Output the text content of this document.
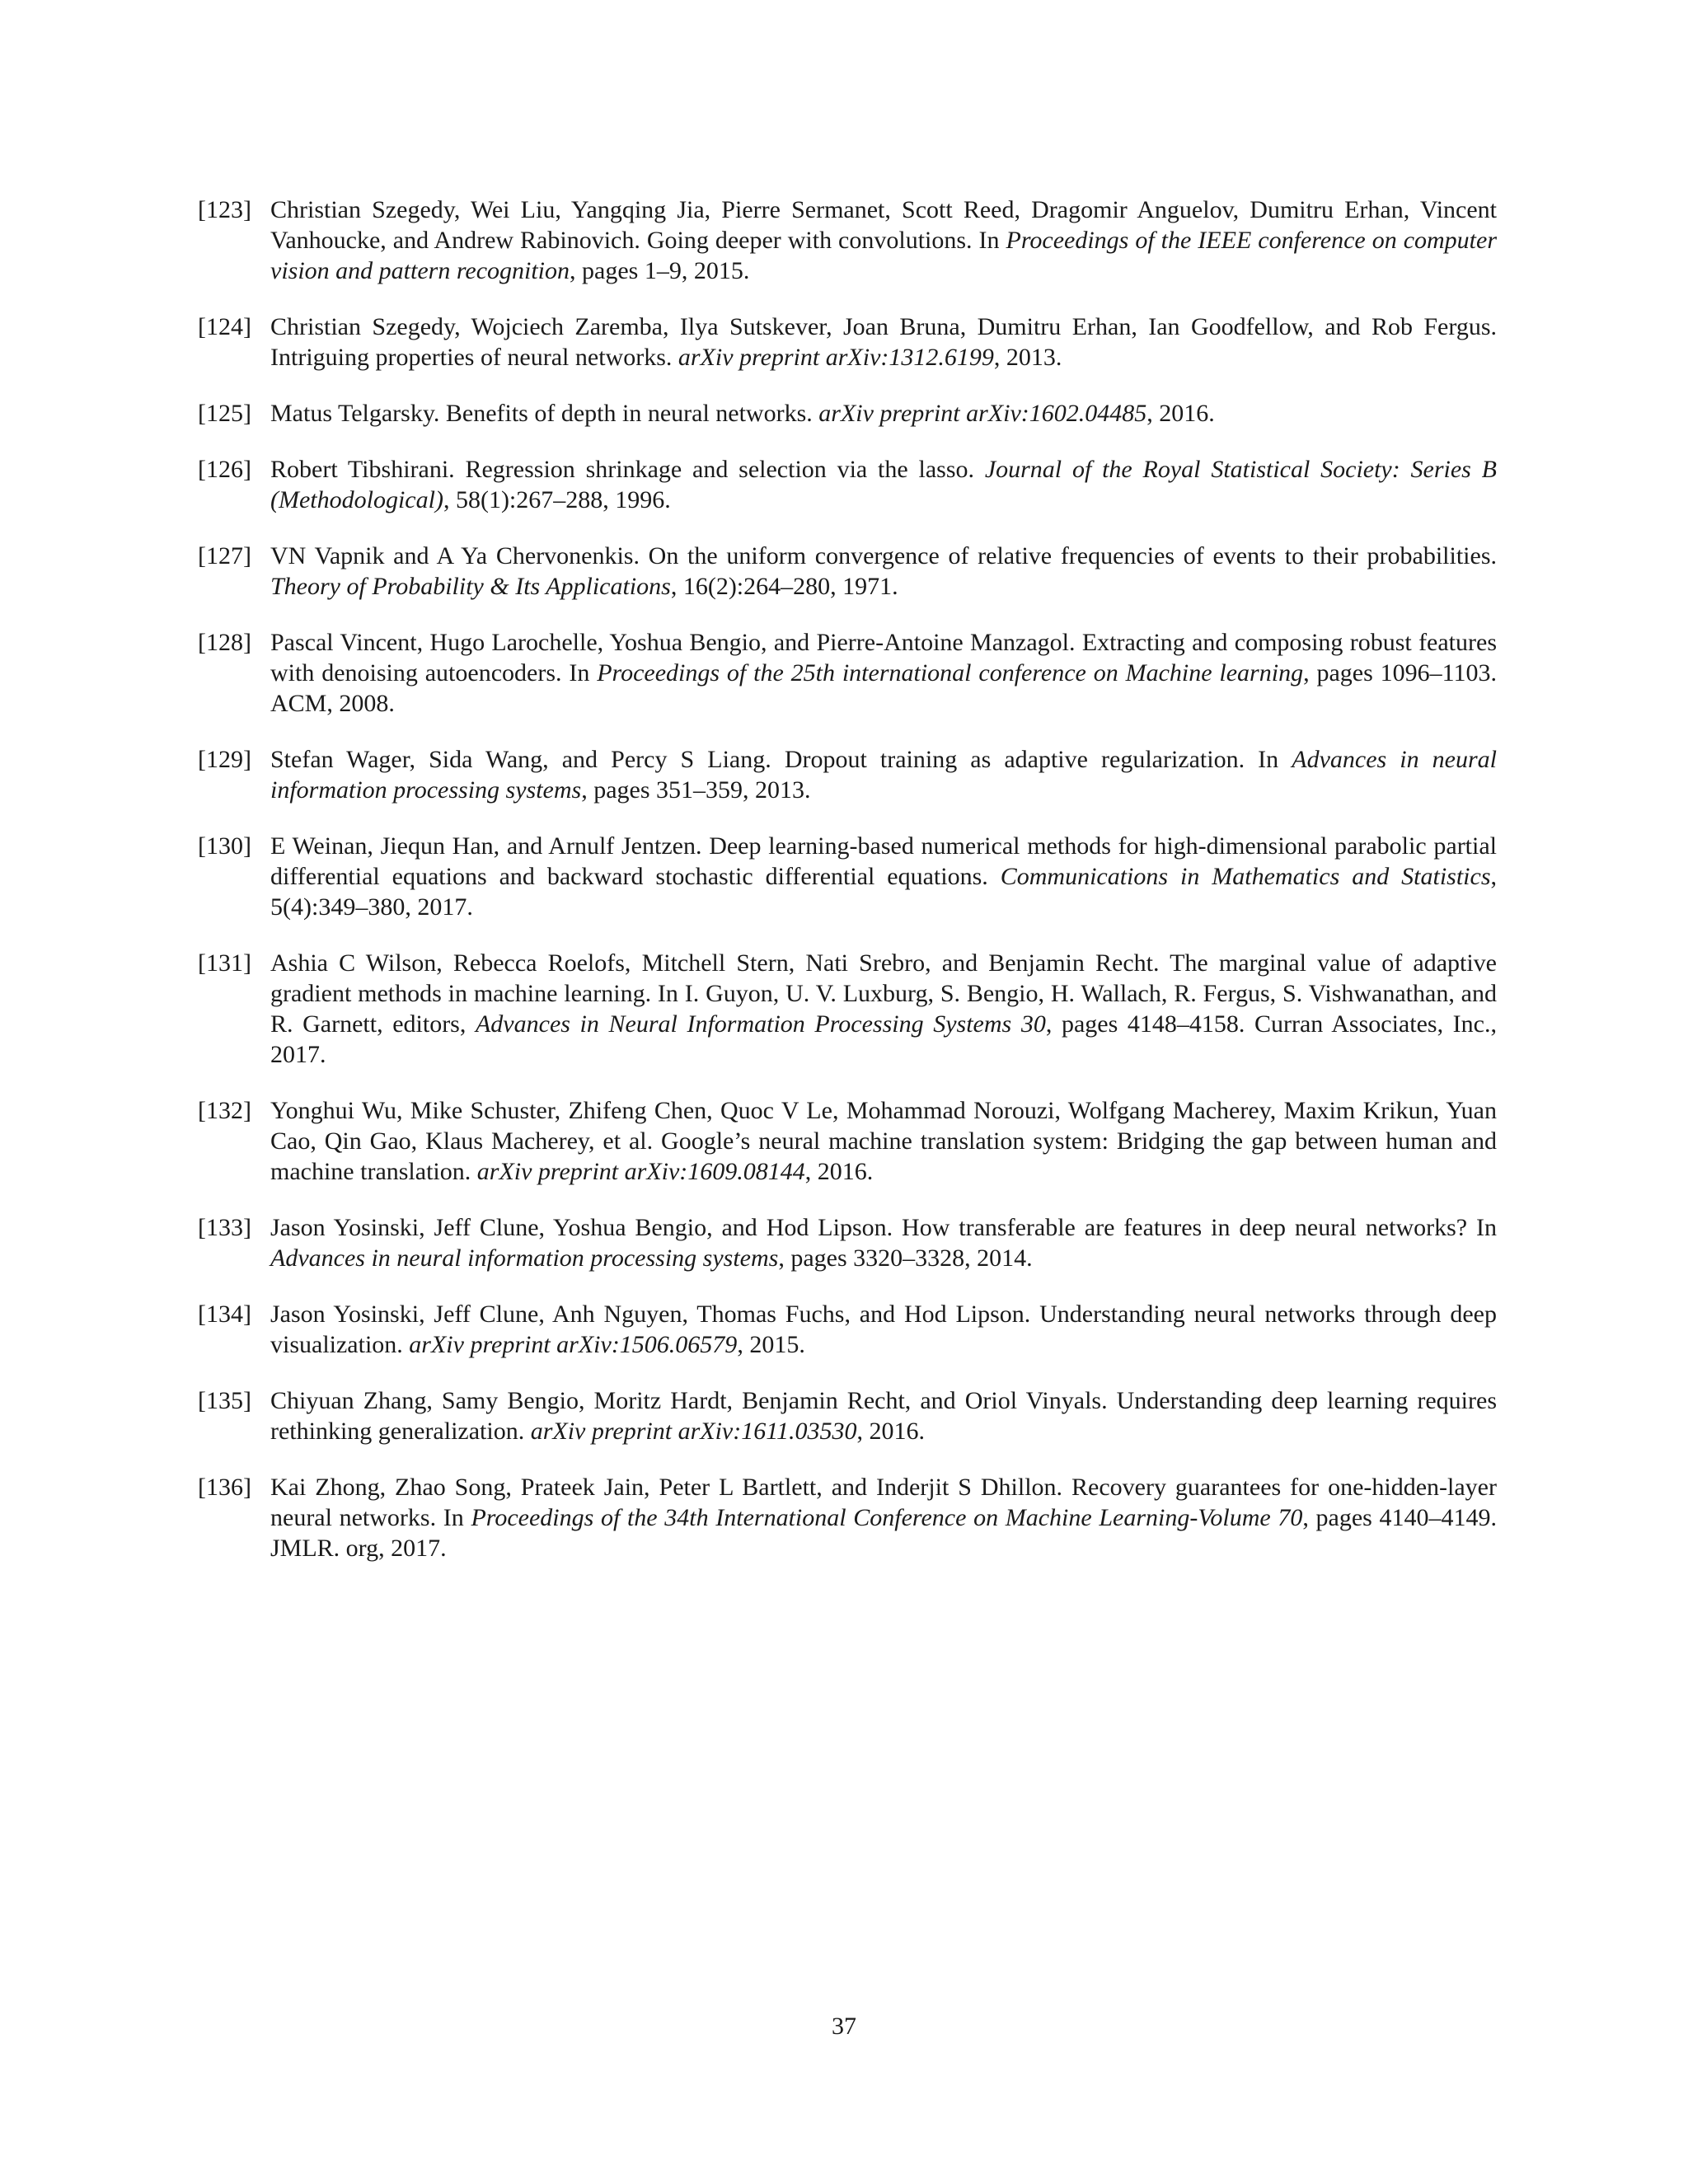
[123] Christian Szegedy, Wei Liu, Yangqing Jia, Pierre Sermanet, Scott Reed, Dragomir Anguelov, Dumitru Erhan, Vincent Vanhoucke, and Andrew Rabinovich. Going deeper with convolutions. In Proceedings of the IEEE conference on computer vision and pattern recognition, pages 1–9, 2015.
[124] Christian Szegedy, Wojciech Zaremba, Ilya Sutskever, Joan Bruna, Dumitru Erhan, Ian Goodfellow, and Rob Fergus. Intriguing properties of neural networks. arXiv preprint arXiv:1312.6199, 2013.
[125] Matus Telgarsky. Benefits of depth in neural networks. arXiv preprint arXiv:1602.04485, 2016.
[126] Robert Tibshirani. Regression shrinkage and selection via the lasso. Journal of the Royal Statistical Society: Series B (Methodological), 58(1):267–288, 1996.
[127] VN Vapnik and A Ya Chervonenkis. On the uniform convergence of relative frequencies of events to their probabilities. Theory of Probability & Its Applications, 16(2):264–280, 1971.
[128] Pascal Vincent, Hugo Larochelle, Yoshua Bengio, and Pierre-Antoine Manzagol. Extracting and composing robust features with denoising autoencoders. In Proceedings of the 25th international conference on Machine learning, pages 1096–1103. ACM, 2008.
[129] Stefan Wager, Sida Wang, and Percy S Liang. Dropout training as adaptive regularization. In Advances in neural information processing systems, pages 351–359, 2013.
[130] E Weinan, Jiequn Han, and Arnulf Jentzen. Deep learning-based numerical methods for high-dimensional parabolic partial differential equations and backward stochastic differential equations. Communications in Mathematics and Statistics, 5(4):349–380, 2017.
[131] Ashia C Wilson, Rebecca Roelofs, Mitchell Stern, Nati Srebro, and Benjamin Recht. The marginal value of adaptive gradient methods in machine learning. In I. Guyon, U. V. Luxburg, S. Bengio, H. Wallach, R. Fergus, S. Vishwanathan, and R. Garnett, editors, Advances in Neural Information Processing Systems 30, pages 4148–4158. Curran Associates, Inc., 2017.
[132] Yonghui Wu, Mike Schuster, Zhifeng Chen, Quoc V Le, Mohammad Norouzi, Wolfgang Macherey, Maxim Krikun, Yuan Cao, Qin Gao, Klaus Macherey, et al. Google’s neural machine translation system: Bridging the gap between human and machine translation. arXiv preprint arXiv:1609.08144, 2016.
[133] Jason Yosinski, Jeff Clune, Yoshua Bengio, and Hod Lipson. How transferable are features in deep neural networks? In Advances in neural information processing systems, pages 3320–3328, 2014.
[134] Jason Yosinski, Jeff Clune, Anh Nguyen, Thomas Fuchs, and Hod Lipson. Understanding neural networks through deep visualization. arXiv preprint arXiv:1506.06579, 2015.
[135] Chiyuan Zhang, Samy Bengio, Moritz Hardt, Benjamin Recht, and Oriol Vinyals. Understanding deep learning requires rethinking generalization. arXiv preprint arXiv:1611.03530, 2016.
[136] Kai Zhong, Zhao Song, Prateek Jain, Peter L Bartlett, and Inderjit S Dhillon. Recovery guarantees for one-hidden-layer neural networks. In Proceedings of the 34th International Conference on Machine Learning-Volume 70, pages 4140–4149. JMLR. org, 2017.
37
